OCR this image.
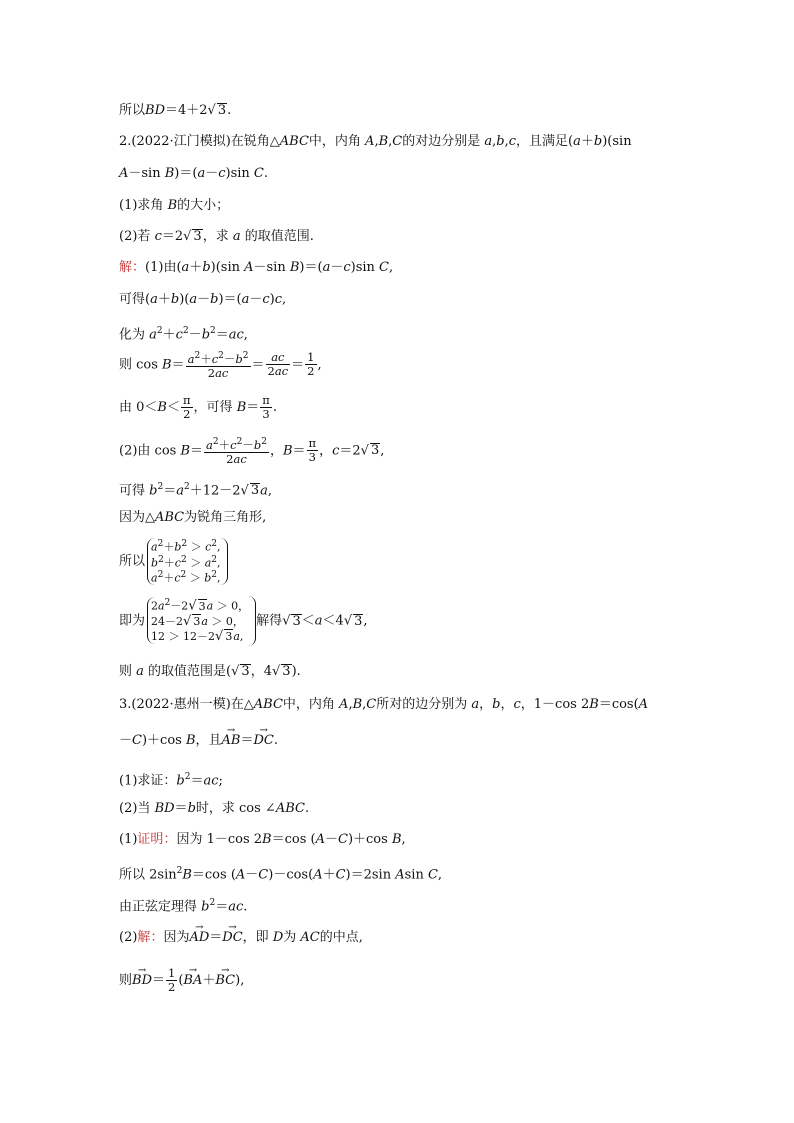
所以BD＝4＋2√ 3.
2.(2022·江门模拟)在锐角△ABC中，内角 A,B,C的对边分别是 a,b,c，且满足(a＋b)(sin
A－sin B)＝(a－c)sin C.
(1)求角 B的大小；
(2)若 c＝2√ 3，求 a 的取值范围.
解：(1)由(a＋b)(sin A－sin B)＝(a－c)sin C,
可得(a＋b)(a－b)＝(a－c)c,
化为 $a^2+c^2-b^2=ac$,
则 $\cos B= \frac{a^2+c^2-b^2}{2ac} = \frac{ac}{2ac} = \frac{1}{2}$ ,
由 $0<B< \frac{\pi}{2}$ ，可得 $B= \frac{\pi}{3}$ .
(2)由 $\cos B= \frac{a^2+c^2-b^2}{2ac}$ ，$B= \frac{\pi}{3}$ ，c＝2√ 3,
可得 $b^2=a^2+12-2√$ 3a,
因为△ABC为锐角三角形,
所以
$a^2+b^2 > c^2$,
$b^2+c^2 > a^2$,
$a^2+c^2 > b^2$,
即为
$2a^2-2√$ 3a ＞ 0，
24－2√ 3a ＞ 0，
12 ＞ 12－2√ 3a,
解得√ 3＜a＜4√ 3,
则 a 的取值范围是(√ 3，4√ 3).
3.(2022·惠州一模)在△ABC中，内角 A,B,C所对的边分别为 a，b，c，1－cos 2B＝cos(A
－C)＋cos B，且→ AB＝→ DC.
(1)求证：$b^2=ac$;
(2)当 BD＝b时，求 cos ∠ABC.
(1)证明：因为 1－cos 2B＝cos (A－C)＋cos B,
所以 $2\sin^2B=\cos$ (A－C)－cos(A＋C)＝2sin Asin C,
由正弦定理得 $b^2=ac$.
(2)解：因为→ AD＝→ DC，即 D为 AC的中点,
则→ $BD= \frac{1}{2}$ (→ BA＋→ BC),
